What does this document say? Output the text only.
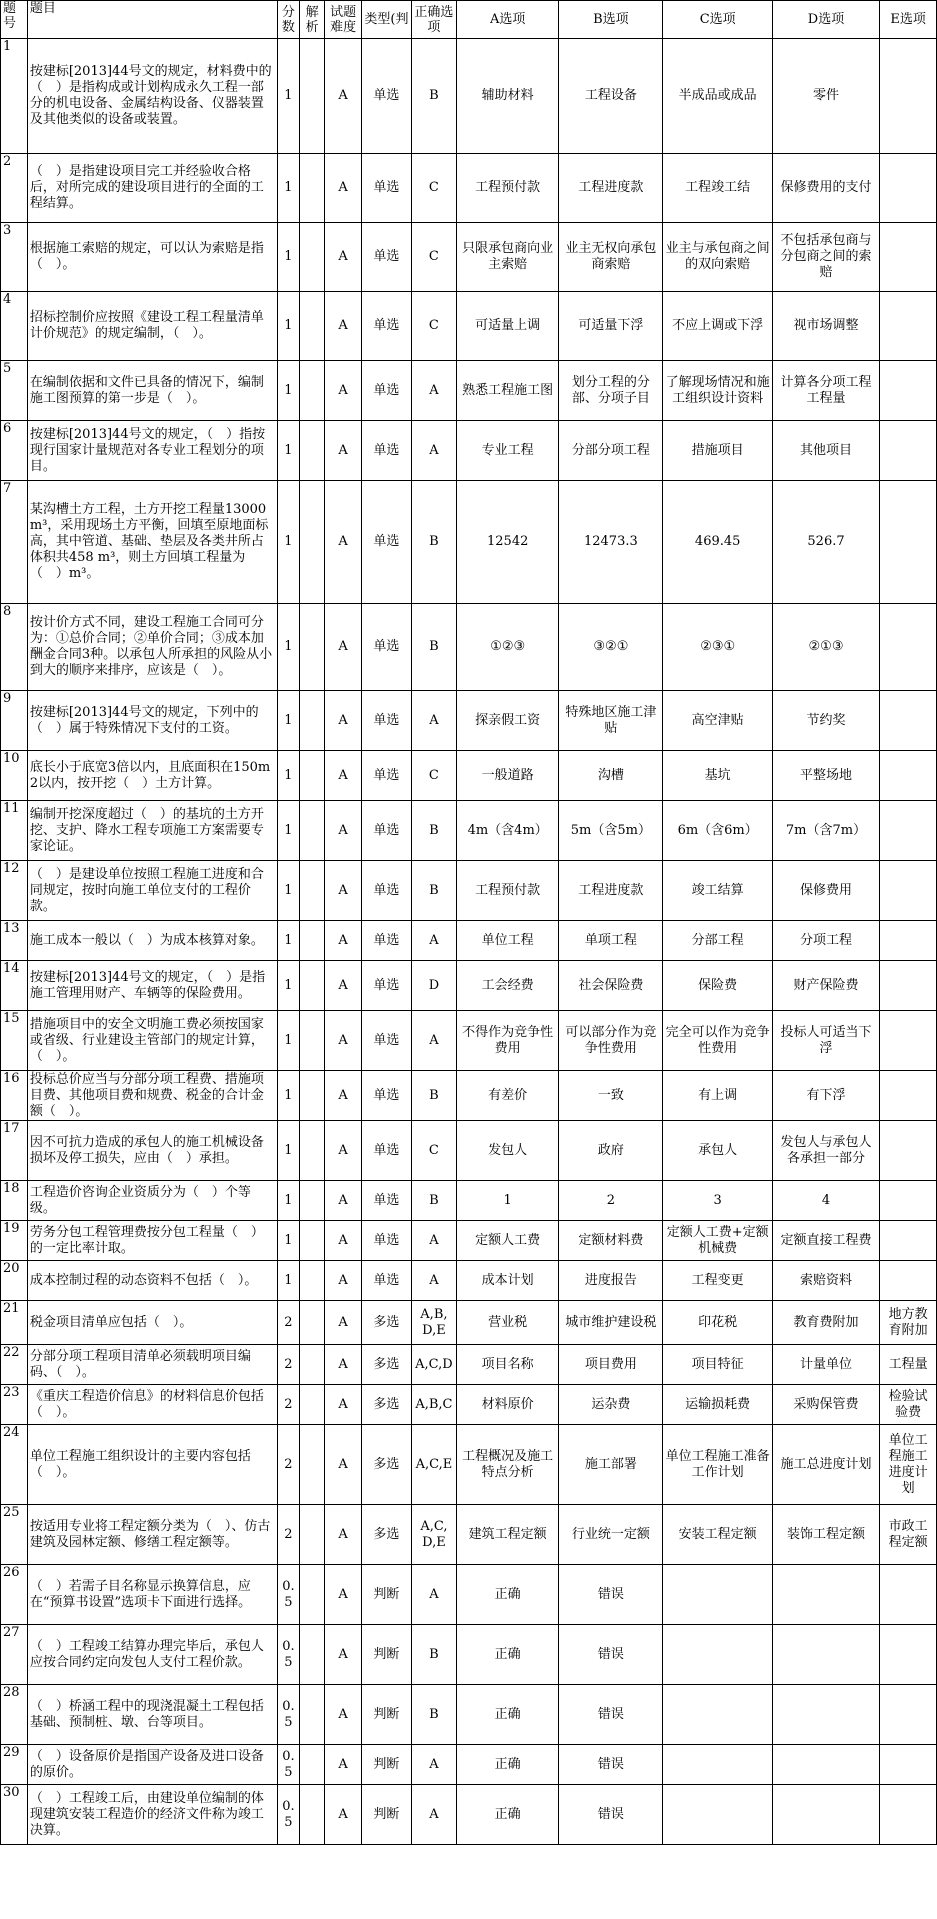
题号	题目	分数	解析	试题难度	类型(判	正确选项	A选项	B选项	C选项	D选项	E选项
1	按建标[2013]44号文的规定，材料费中的（　）是指构成或计划构成永久工程一部分的机电设备、金属结构设备、仪器装置及其他类似的设备或装置。	1		A	单选	B	辅助材料	工程设备	半成品或成品	零件	
2	（　）是指建设项目完工并经验收合格后，对所完成的建设项目进行的全面的工程结算。	1		A	单选	C	工程预付款	工程进度款	工程竣工结	保修费用的支付	
3	根据施工索赔的规定，可以认为索赔是指（　）。	1		A	单选	C	只限承包商向业主索赔	业主无权向承包商索赔	业主与承包商之间的双向索赔	不包括承包商与分包商之间的索赔	
4	招标控制价应按照《建设工程工程量清单计价规范》的规定编制，（　）。	1		A	单选	C	可适量上调	可适量下浮	不应上调或下浮	视市场调整	
5	在编制依据和文件已具备的情况下，编制施工图预算的第一步是（　）。	1		A	单选	A	熟悉工程施工图	划分工程的分部、分项子目	了解现场情况和施工组织设计资料	计算各分项工程工程量	
6	按建标[2013]44号文的规定，（　）指按现行国家计量规范对各专业工程划分的项目。	1		A	单选	A	专业工程	分部分项工程	措施项目	其他项目	
7	某沟槽土方工程，土方开挖工程量13000m³，采用现场土方平衡，回填至原地面标高，其中管道、基础、垫层及各类井所占体积共458 m³，则土方回填工程量为（　）m³。	1		A	单选	B	12542	12473.3	469.45	526.7	
8	按计价方式不同，建设工程施工合同可分为：①总价合同；②单价合同；③成本加酬金合同3种。以承包人所承担的风险从小到大的顺序来排序，应该是（　）。	1		A	单选	B	①②③	③②①	②③①	②①③	
9	按建标[2013]44号文的规定，下列中的（　）属于特殊情况下支付的工资。	1		A	单选	A	探亲假工资	特殊地区施工津贴	高空津贴	节约奖	
10	底长小于底宽3倍以内，且底面积在150m2以内，按开挖（　）土方计算。	1		A	单选	C	一般道路	沟槽	基坑	平整场地	
11	编制开挖深度超过（　）的基坑的土方开挖、支护、降水工程专项施工方案需要专家论证。	1		A	单选	B	4m（含4m）	5m（含5m）	6m（含6m）	7m（含7m）	
12	（　）是建设单位按照工程施工进度和合同规定，按时向施工单位支付的工程价款。	1		A	单选	B	工程预付款	工程进度款	竣工结算	保修费用	
13	施工成本一般以（　）为成本核算对象。	1		A	单选	A	单位工程	单项工程	分部工程	分项工程	
14	按建标[2013]44号文的规定，（　）是指施工管理用财产、车辆等的保险费用。	1		A	单选	D	工会经费	社会保险费	保险费	财产保险费	
15	措施项目中的安全文明施工费必须按国家或省级、行业建设主管部门的规定计算，（　）。	1		A	单选	A	不得作为竞争性费用	可以部分作为竞争性费用	完全可以作为竞争性费用	投标人可适当下浮	
16	投标总价应当与分部分项工程费、措施项目费、其他项目费和规费、税金的合计金额（　）。	1		A	单选	B	有差价	一致	有上调	有下浮	
17	因不可抗力造成的承包人的施工机械设备损坏及停工损失，应由（　）承担。	1		A	单选	C	发包人	政府	承包人	发包人与承包人各承担一部分	
18	工程造价咨询企业资质分为（　）个等级。	1		A	单选	B	1	2	3	4	
19	劳务分包工程管理费按分包工程量（　）的一定比率计取。	1		A	单选	A	定额人工费	定额材料费	定额人工费+定额机械费	定额直接工程费	
20	成本控制过程的动态资料不包括（　）。	1		A	单选	A	成本计划	进度报告	工程变更	索赔资料	
21	税金项目清单应包括（　）。	2		A	多选	A,B,D,E	营业税	城市维护建设税	印花税	教育费附加	地方教育附加
22	分部分项工程项目清单必须载明项目编码、（　）。	2		A	多选	A,C,D	项目名称	项目费用	项目特征	计量单位	工程量
23	《重庆工程造价信息》的材料信息价包括（　）。	2		A	多选	A,B,C	材料原价	运杂费	运输损耗费	采购保管费	检验试验费
24	单位工程施工组织设计的主要内容包括（　）。	2		A	多选	A,C,E	工程概况及施工特点分析	施工部署	单位工程施工准备工作计划	施工总进度计划	单位工程施工进度计划
25	按适用专业将工程定额分类为（　）、仿古建筑及园林定额、修缮工程定额等。	2		A	多选	A,C,D,E	建筑工程定额	行业统一定额	安装工程定额	装饰工程定额	市政工程定额
26	（　）若需子目名称显示换算信息，应在“预算书设置”选项卡下面进行选择。	0.5		A	判断	A	正确	错误			
27	（　）工程竣工结算办理完毕后，承包人应按合同约定向发包人支付工程价款。	0.5		A	判断	B	正确	错误			
28	（　）桥涵工程中的现浇混凝土工程包括基础、预制桩、墩、台等项目。	0.5		A	判断	B	正确	错误			
29	（　）设备原价是指国产设备及进口设备的原价。	0.5		A	判断	A	正确	错误			
30	（　）工程竣工后，由建设单位编制的体现建筑安装工程造价的经济文件称为竣工决算。	0.5		A	判断	A	正确	错误			
